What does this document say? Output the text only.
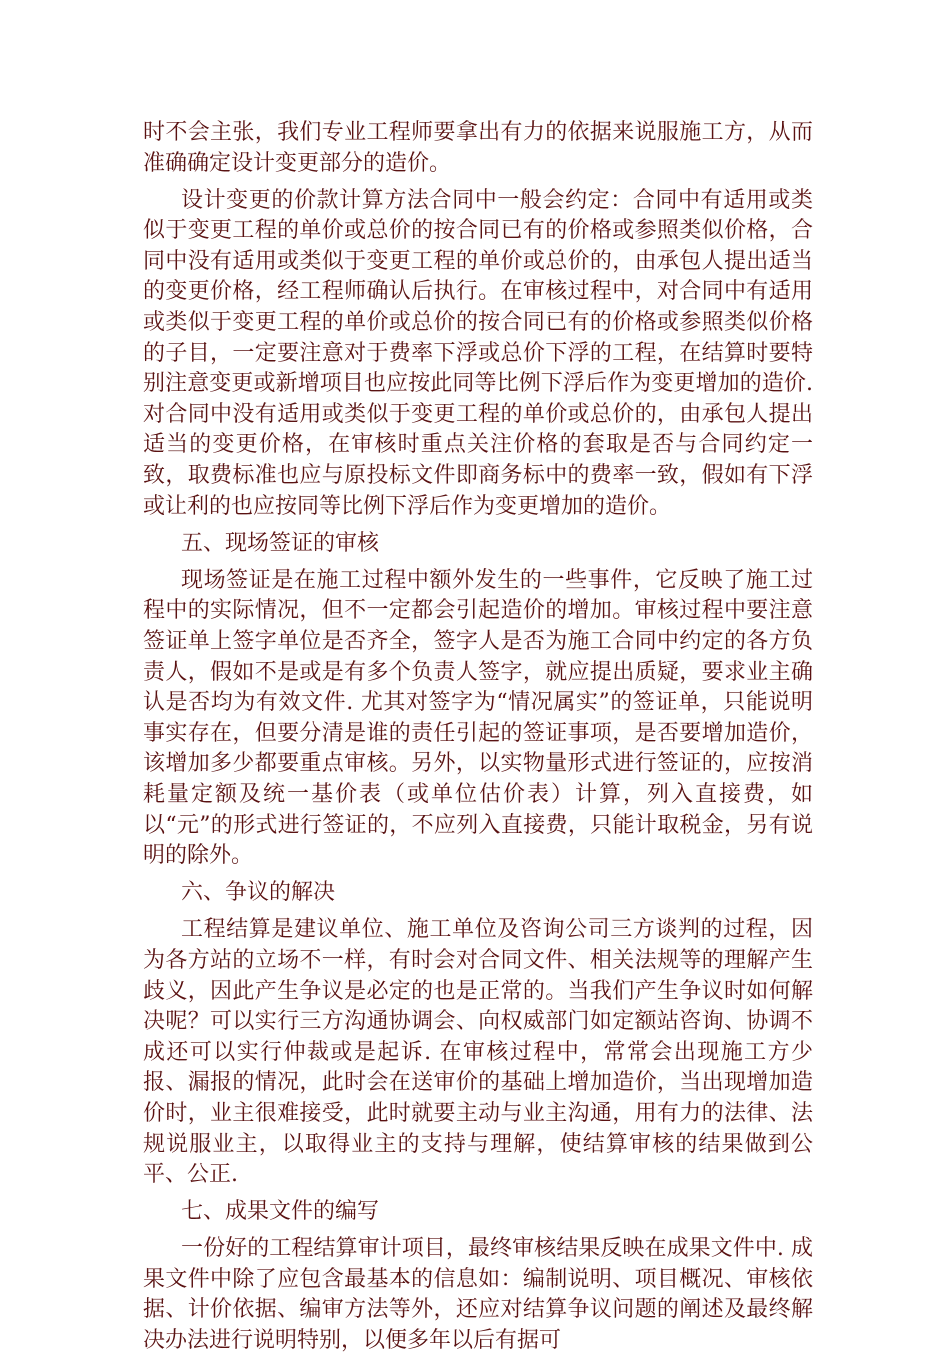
时不会主张，我们专业工程师要拿出有力的依据来说服施工方，从而准确确定设计变更部分的造价。

设计变更的价款计算方法合同中一般会约定：合同中有适用或类似于变更工程的单价或总价的按合同已有的价格或参照类似价格，合同中没有适用或类似于变更工程的单价或总价的，由承包人提出适当的变更价格，经工程师确认后执行。在审核过程中，对合同中有适用或类似于变更工程的单价或总价的按合同已有的价格或参照类似价格的子目，一定要注意对于费率下浮或总价下浮的工程，在结算时要特别注意变更或新增项目也应按此同等比例下浮后作为变更增加的造价. 对合同中没有适用或类似于变更工程的单价或总价的，由承包人提出适当的变更价格，在审核时重点关注价格的套取是否与合同约定一致，取费标准也应与原投标文件即商务标中的费率一致，假如有下浮或让利的也应按同等比例下浮后作为变更增加的造价。

五、现场签证的审核

现场签证是在施工过程中额外发生的一些事件，它反映了施工过程中的实际情况，但不一定都会引起造价的增加。审核过程中要注意签证单上签字单位是否齐全，签字人是否为施工合同中约定的各方负责人，假如不是或是有多个负责人签字，就应提出质疑，要求业主确认是否均为有效文件. 尤其对签字为“情况属实”的签证单，只能说明事实存在，但要分清是谁的责任引起的签证事项，是否要增加造价，该增加多少都要重点审核。另外，以实物量形式进行签证的，应按消耗量定额及统一基价表（或单位估价表）计算，列入直接费，如以“元”的形式进行签证的，不应列入直接费，只能计取税金，另有说明的除外。

六、争议的解决

工程结算是建议单位、施工单位及咨询公司三方谈判的过程，因为各方站的立场不一样，有时会对合同文件、相关法规等的理解产生歧义，因此产生争议是必定的也是正常的。当我们产生争议时如何解决呢？可以实行三方沟通协调会、向权威部门如定额站咨询、协调不成还可以实行仲裁或是起诉. 在审核过程中，常常会出现施工方少报、漏报的情况，此时会在送审价的基础上增加造价，当出现增加造价时，业主很难接受，此时就要主动与业主沟通，用有力的法律、法规说服业主，以取得业主的支持与理解，使结算审核的结果做到公平、公正.

七、成果文件的编写

一份好的工程结算审计项目，最终审核结果反映在成果文件中. 成果文件中除了应包含最基本的信息如：编制说明、项目概况、审核依据、计价依据、编审方法等外，还应对结算争议问题的阐述及最终解决办法进行说明特别，以便多年以后有据可
